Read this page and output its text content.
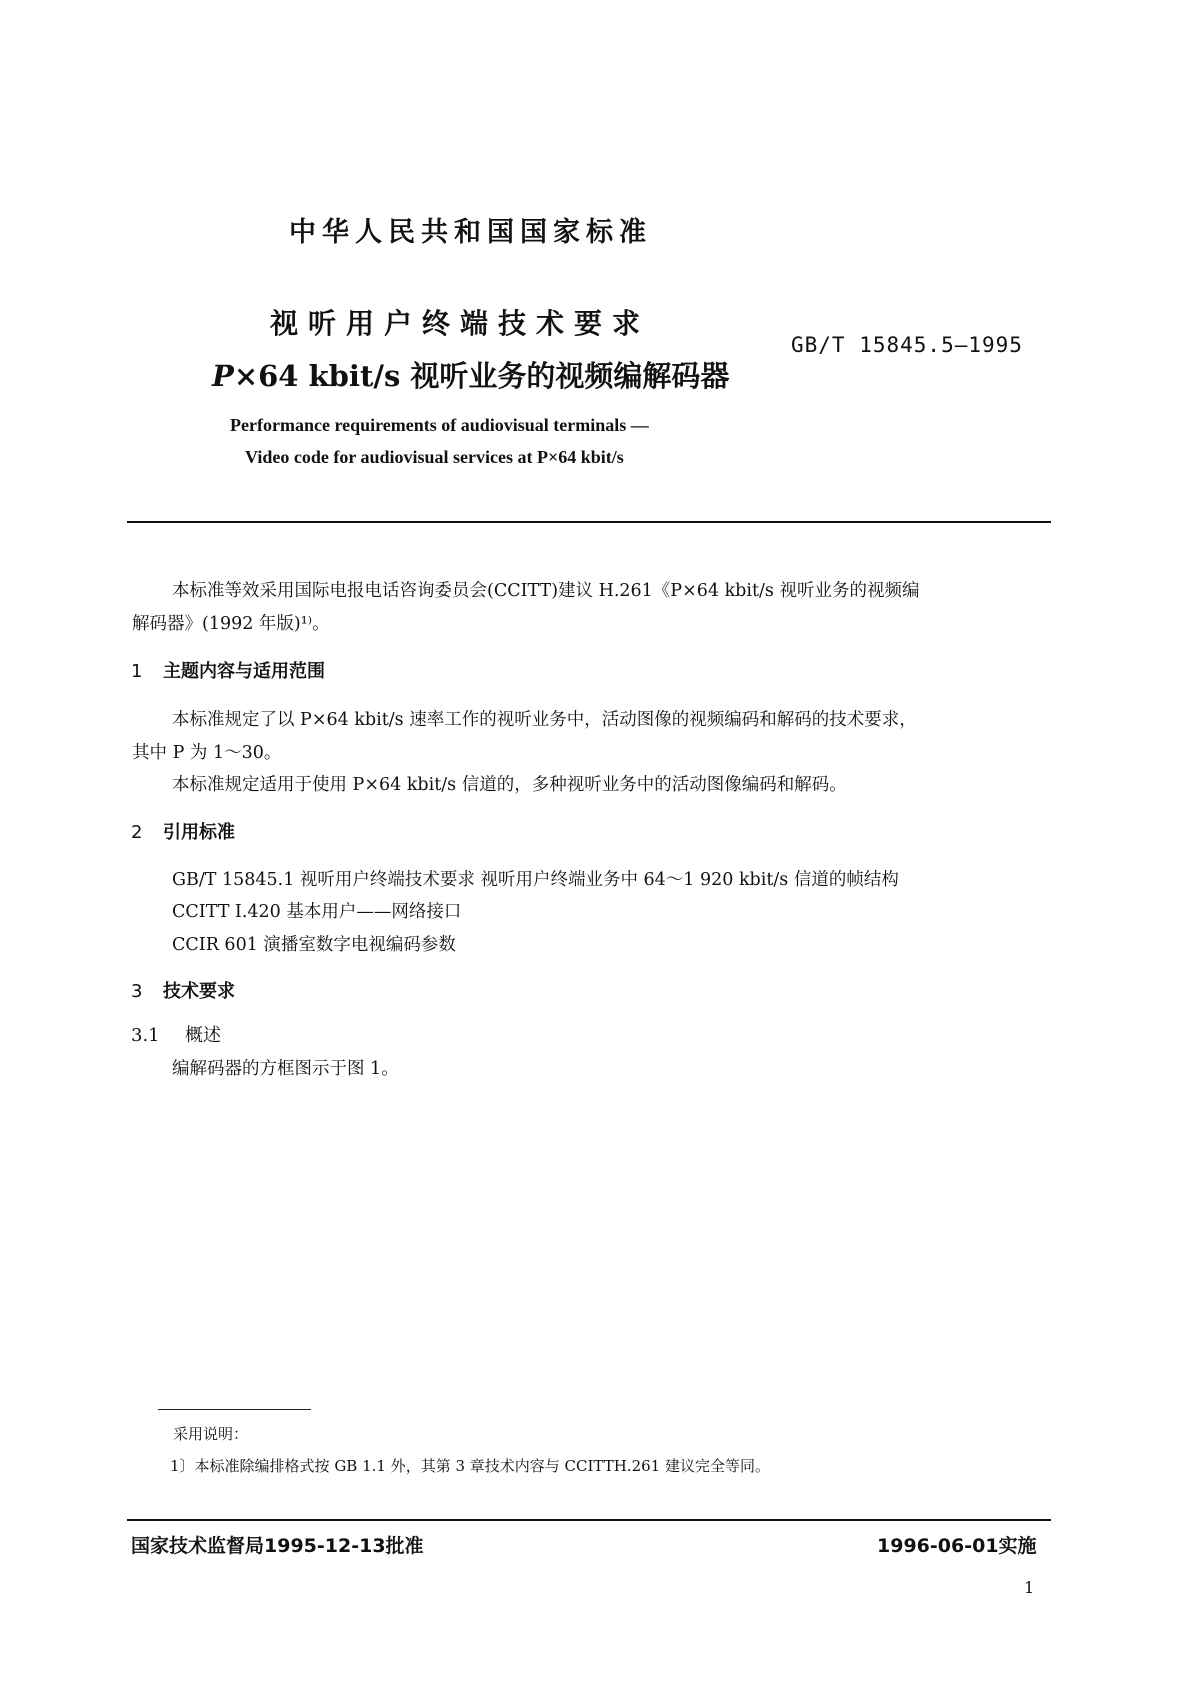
中华人民共和国国家标准
视听用户终端技术要求
P×64 kbit/s 视听业务的视频编解码器
GB/T 15845.5—1995
Performance requirements of audiovisual terminals —
Video code for audiovisual services at P×64 kbit/s
本标准等效采用国际电报电话咨询委员会(CCITT)建议 H.261《P×64 kbit/s 视听业务的视频编
解码器》(1992 年版)¹⁾。
1 主题内容与适用范围
本标准规定了以 P×64 kbit/s 速率工作的视听业务中，活动图像的视频编码和解码的技术要求，
其中 P 为 1～30。
本标准规定适用于使用 P×64 kbit/s 信道的，多种视听业务中的活动图像编码和解码。
2 引用标准
GB/T 15845.1 视听用户终端技术要求 视听用户终端业务中 64～1 920 kbit/s 信道的帧结构
CCITT I.420 基本用户——网络接口
CCIR 601 演播室数字电视编码参数
3 技术要求
3.1 概述
编解码器的方框图示于图 1。
采用说明：
1〕本标准除编排格式按 GB 1.1 外，其第 3 章技术内容与 CCITTH.261 建议完全等同。
国家技术监督局1995-12-13批准	1996-06-01实施
1
